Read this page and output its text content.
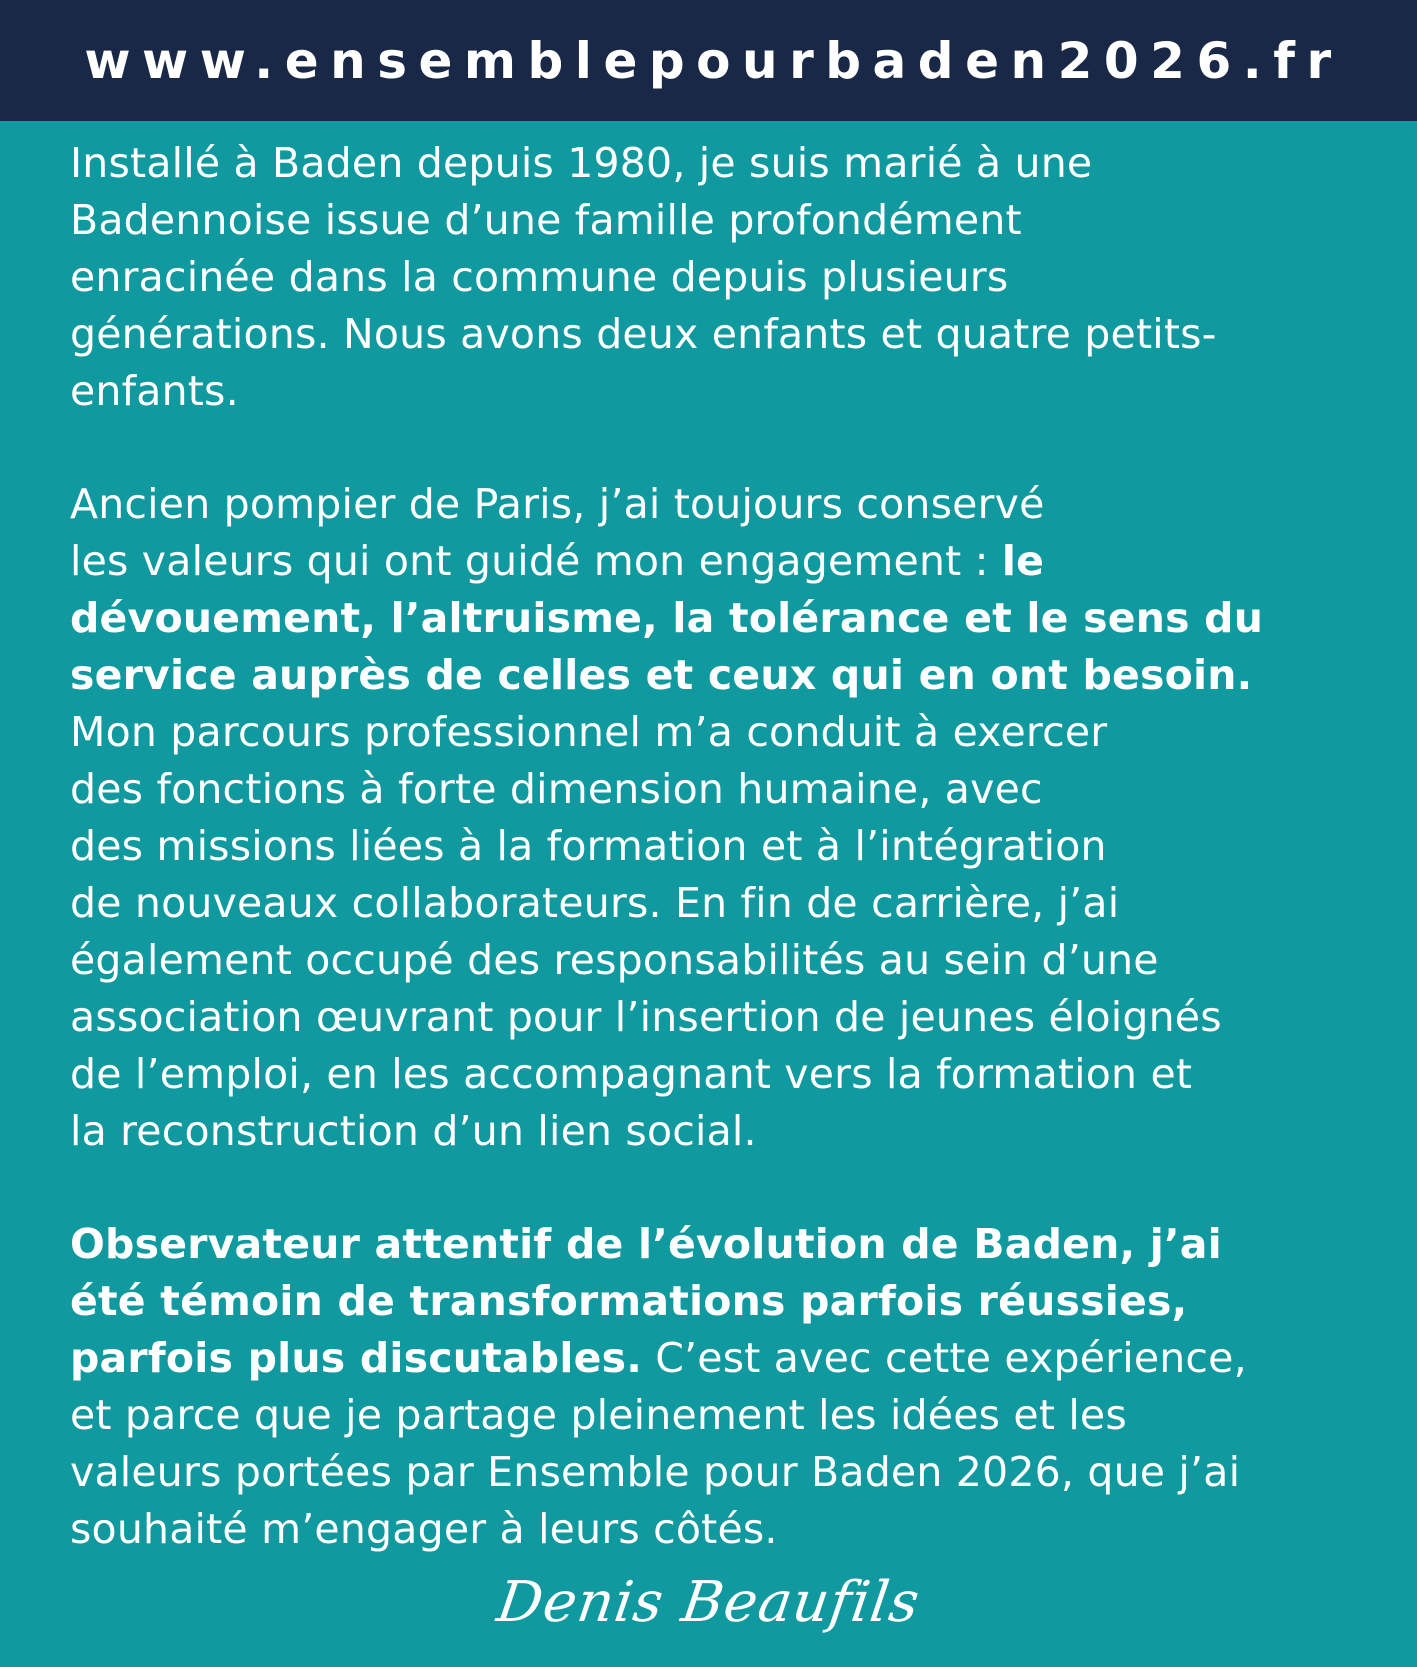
www.ensemblepourbaden2026.fr
Installé à Baden depuis 1980, je suis marié à une
Badennoise issue d’une famille profondément
enracinée dans la commune depuis plusieurs
générations. Nous avons deux enfants et quatre petits-
enfants.
Ancien pompier de Paris, j’ai toujours conservé
les valeurs qui ont guidé mon engagement : le
dévouement, l’altruisme, la tolérance et le sens du
service auprès de celles et ceux qui en ont besoin.
Mon parcours professionnel m’a conduit à exercer
des fonctions à forte dimension humaine, avec
des missions liées à la formation et à l’intégration
de nouveaux collaborateurs. En fin de carrière, j’ai
également occupé des responsabilités au sein d’une
association œuvrant pour l’insertion de jeunes éloignés
de l’emploi, en les accompagnant vers la formation et
la reconstruction d’un lien social.
Observateur attentif de l’évolution de Baden, j’ai
été témoin de transformations parfois réussies,
parfois plus discutables. C’est avec cette expérience,
et parce que je partage pleinement les idées et les
valeurs portées par Ensemble pour Baden 2026, que j’ai
souhaité m’engager à leurs côtés.
Denis Beaufils
